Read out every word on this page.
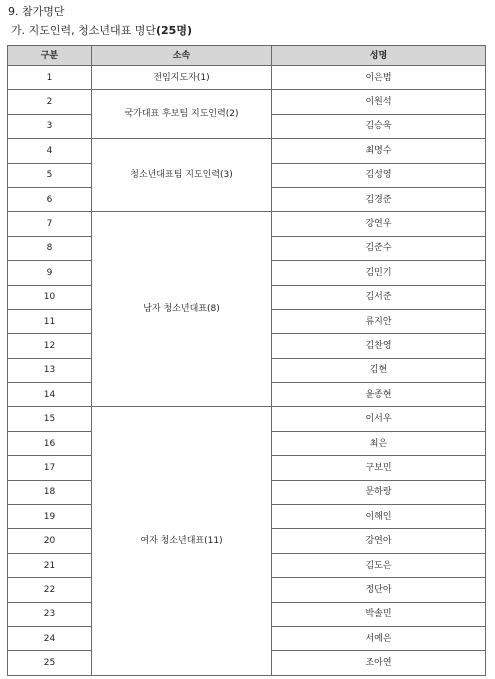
9. 참가명단
가. 지도인력, 청소년대표 명단(25명)
구분	소속	성명
1	전임지도자(1)	이은범
2	국가대표 후보팀 지도인력(2)	이원석
3		김승욱
4	청소년대표팀 지도인력(3)	최명수
5		김성영
6		김경준
7	남자 청소년대표(8)	강연우
8		김준수
9		김민기
10		김서준
11		류지안
12		김찬영
13		김현
14		윤종현
15	여자 청소년대표(11)	이서우
16		최은
17		구보민
18		문하랑
19		이해인
20		강연아
21		김도은
22		정단아
23		박솔민
24		서예은
25		조아연
